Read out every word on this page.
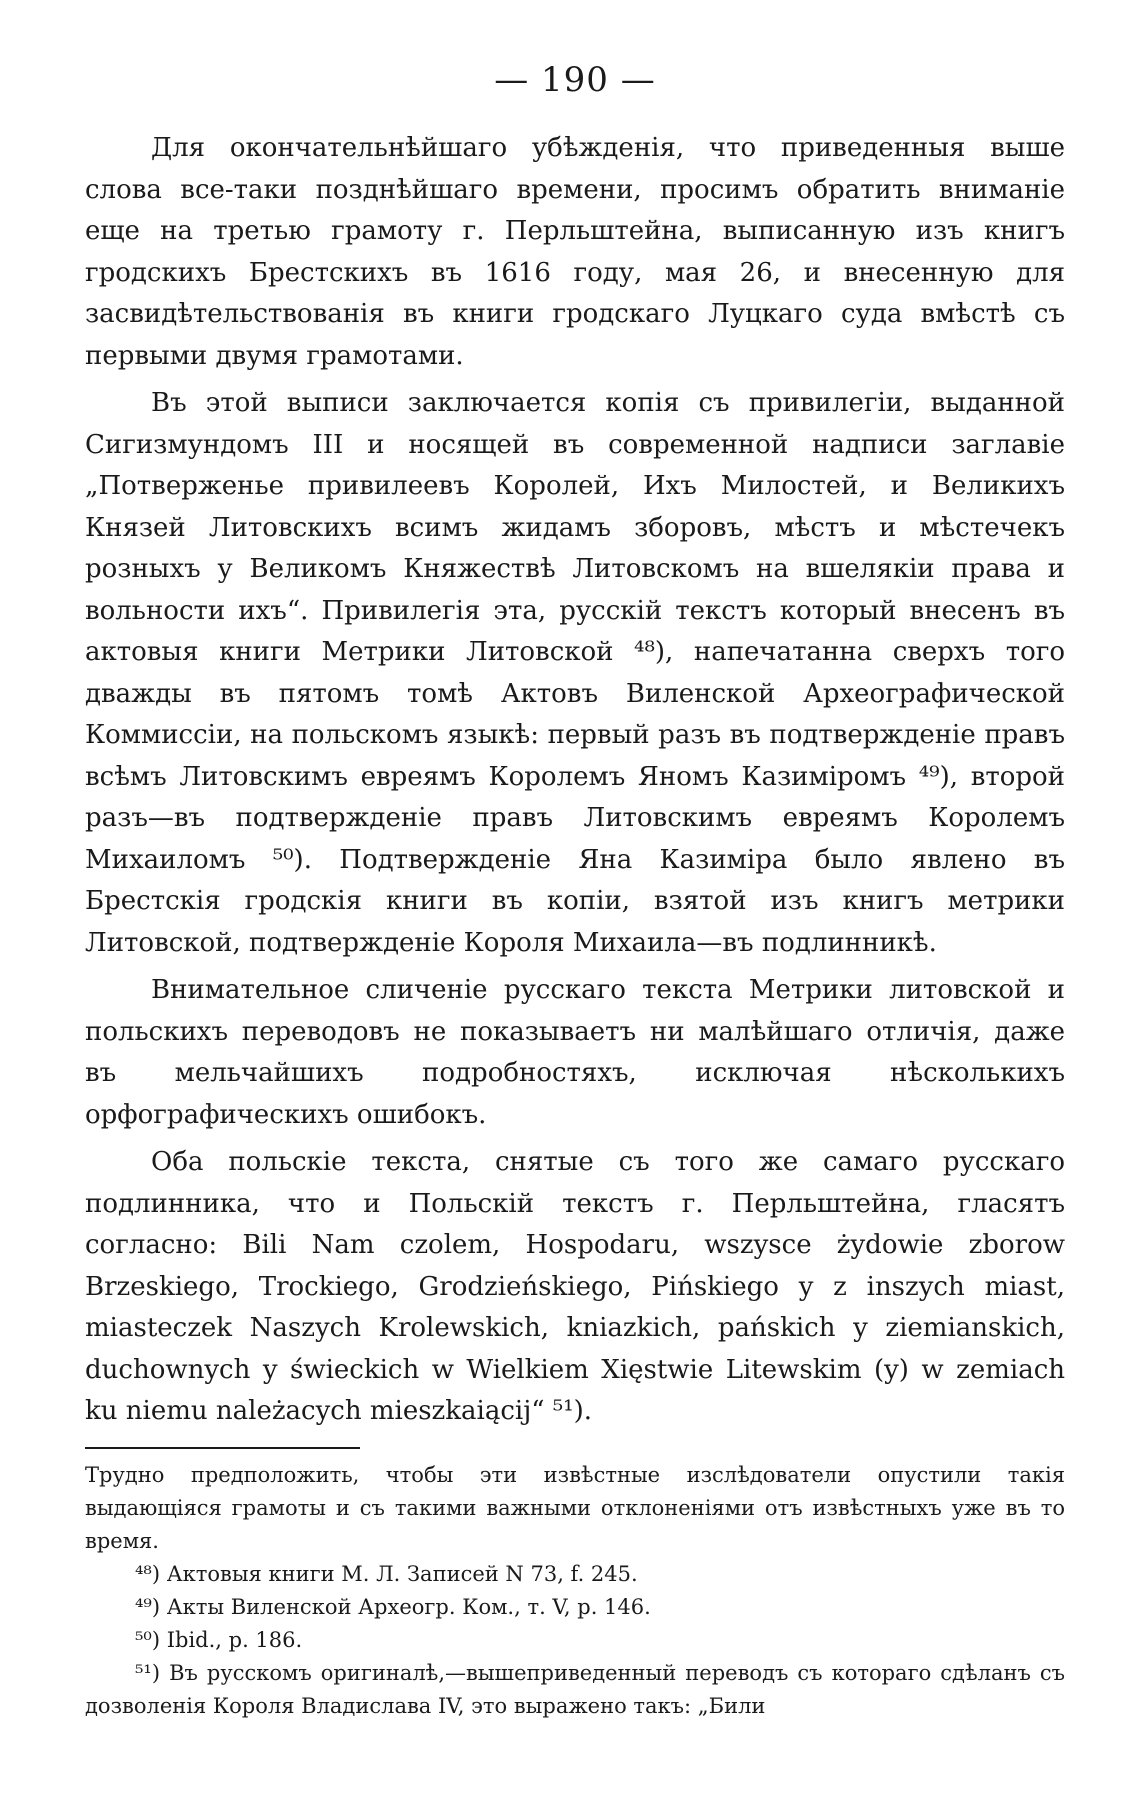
— 190 —

Для окончательнѣйшаго убѣжденія, что приведенныя выше слова все-таки позднѣйшаго времени, просимъ обратить вниманіе еще на третью грамоту г. Перльштейна, выписанную изъ книгъ гродскихъ Брестскихъ въ 1616 году, мая 26, и внесенную для засвидѣтельствованія въ книги гродскаго Луцкаго суда вмѣстѣ съ первыми двумя грамотами.

Въ этой выписи заключается копія съ привилегіи, выданной Сигизмундомъ III и носящей въ современной надписи заглавіе „Потверженье привилеевъ Королей, Ихъ Милостей, и Великихъ Князей Литовскихъ всимъ жидамъ зборовъ, мѣстъ и мѣстечекъ розныхъ у Великомъ Княжествѣ Литовскомъ на вшелякіи права и вольности ихъ“. Привилегія эта, русскій текстъ который внесенъ въ актовыя книги Метрики Литовской ⁴⁸), напечатанна сверхъ того дважды въ пятомъ томѣ Актовъ Виленской Археографической Коммиссіи, на польскомъ языкѣ: первый разъ въ подтвержденіе правъ всѣмъ Литовскимъ евреямъ Королемъ Яномъ Казиміромъ ⁴⁹), второй разъ—въ подтвержденіе правъ Литовскимъ евреямъ Королемъ Михаиломъ ⁵⁰). Подтвержденіе Яна Казиміра было явлено въ Брестскія гродскія книги въ копіи, взятой изъ книгъ метрики Литовской, подтвержденіе Короля Михаила—въ подлинникѣ.

Внимательное сличеніе русскаго текста Метрики литовской и польскихъ переводовъ не показываетъ ни малѣйшаго отличія, даже въ мельчайшихъ подробностяхъ, исключая нѣсколькихъ орфографическихъ ошибокъ.

Оба польскіе текста, снятые съ того же самаго русскаго подлинника, что и Польскій текстъ г. Перльштейна, гласятъ согласно: Bili Nam czolem, Hospodaru, wszysce żydowie zborow Brzeskiego, Trockiego, Grodzieńskiego, Pińskiego y z inszych miast, miasteczek Naszych Krolewskich, kniazkich, pańskich y ziemianskich, duchownych y świeckich w Wielkiem Xięstwie Litewskim (y) w zemiach ku niemu należacych mieszkaiącij“ ⁵¹).

Трудно предположить, чтобы эти извѣстные изслѣдователи опустили такія выдающіяся грамоты и съ такими важными отклоненіями отъ извѣстныхъ уже въ то время.

⁴⁸) Актовыя книги М. Л. Записей N 73, f. 245.

⁴⁹) Акты Виленской Археогр. Ком., т. V, p. 146.

⁵⁰) Ibid., p. 186.

⁵¹) Въ русскомъ оригиналѣ,—вышеприведенный переводъ съ котораго сдѣланъ съ дозволенія Короля Владислава IV, это выражено такъ: „Били
